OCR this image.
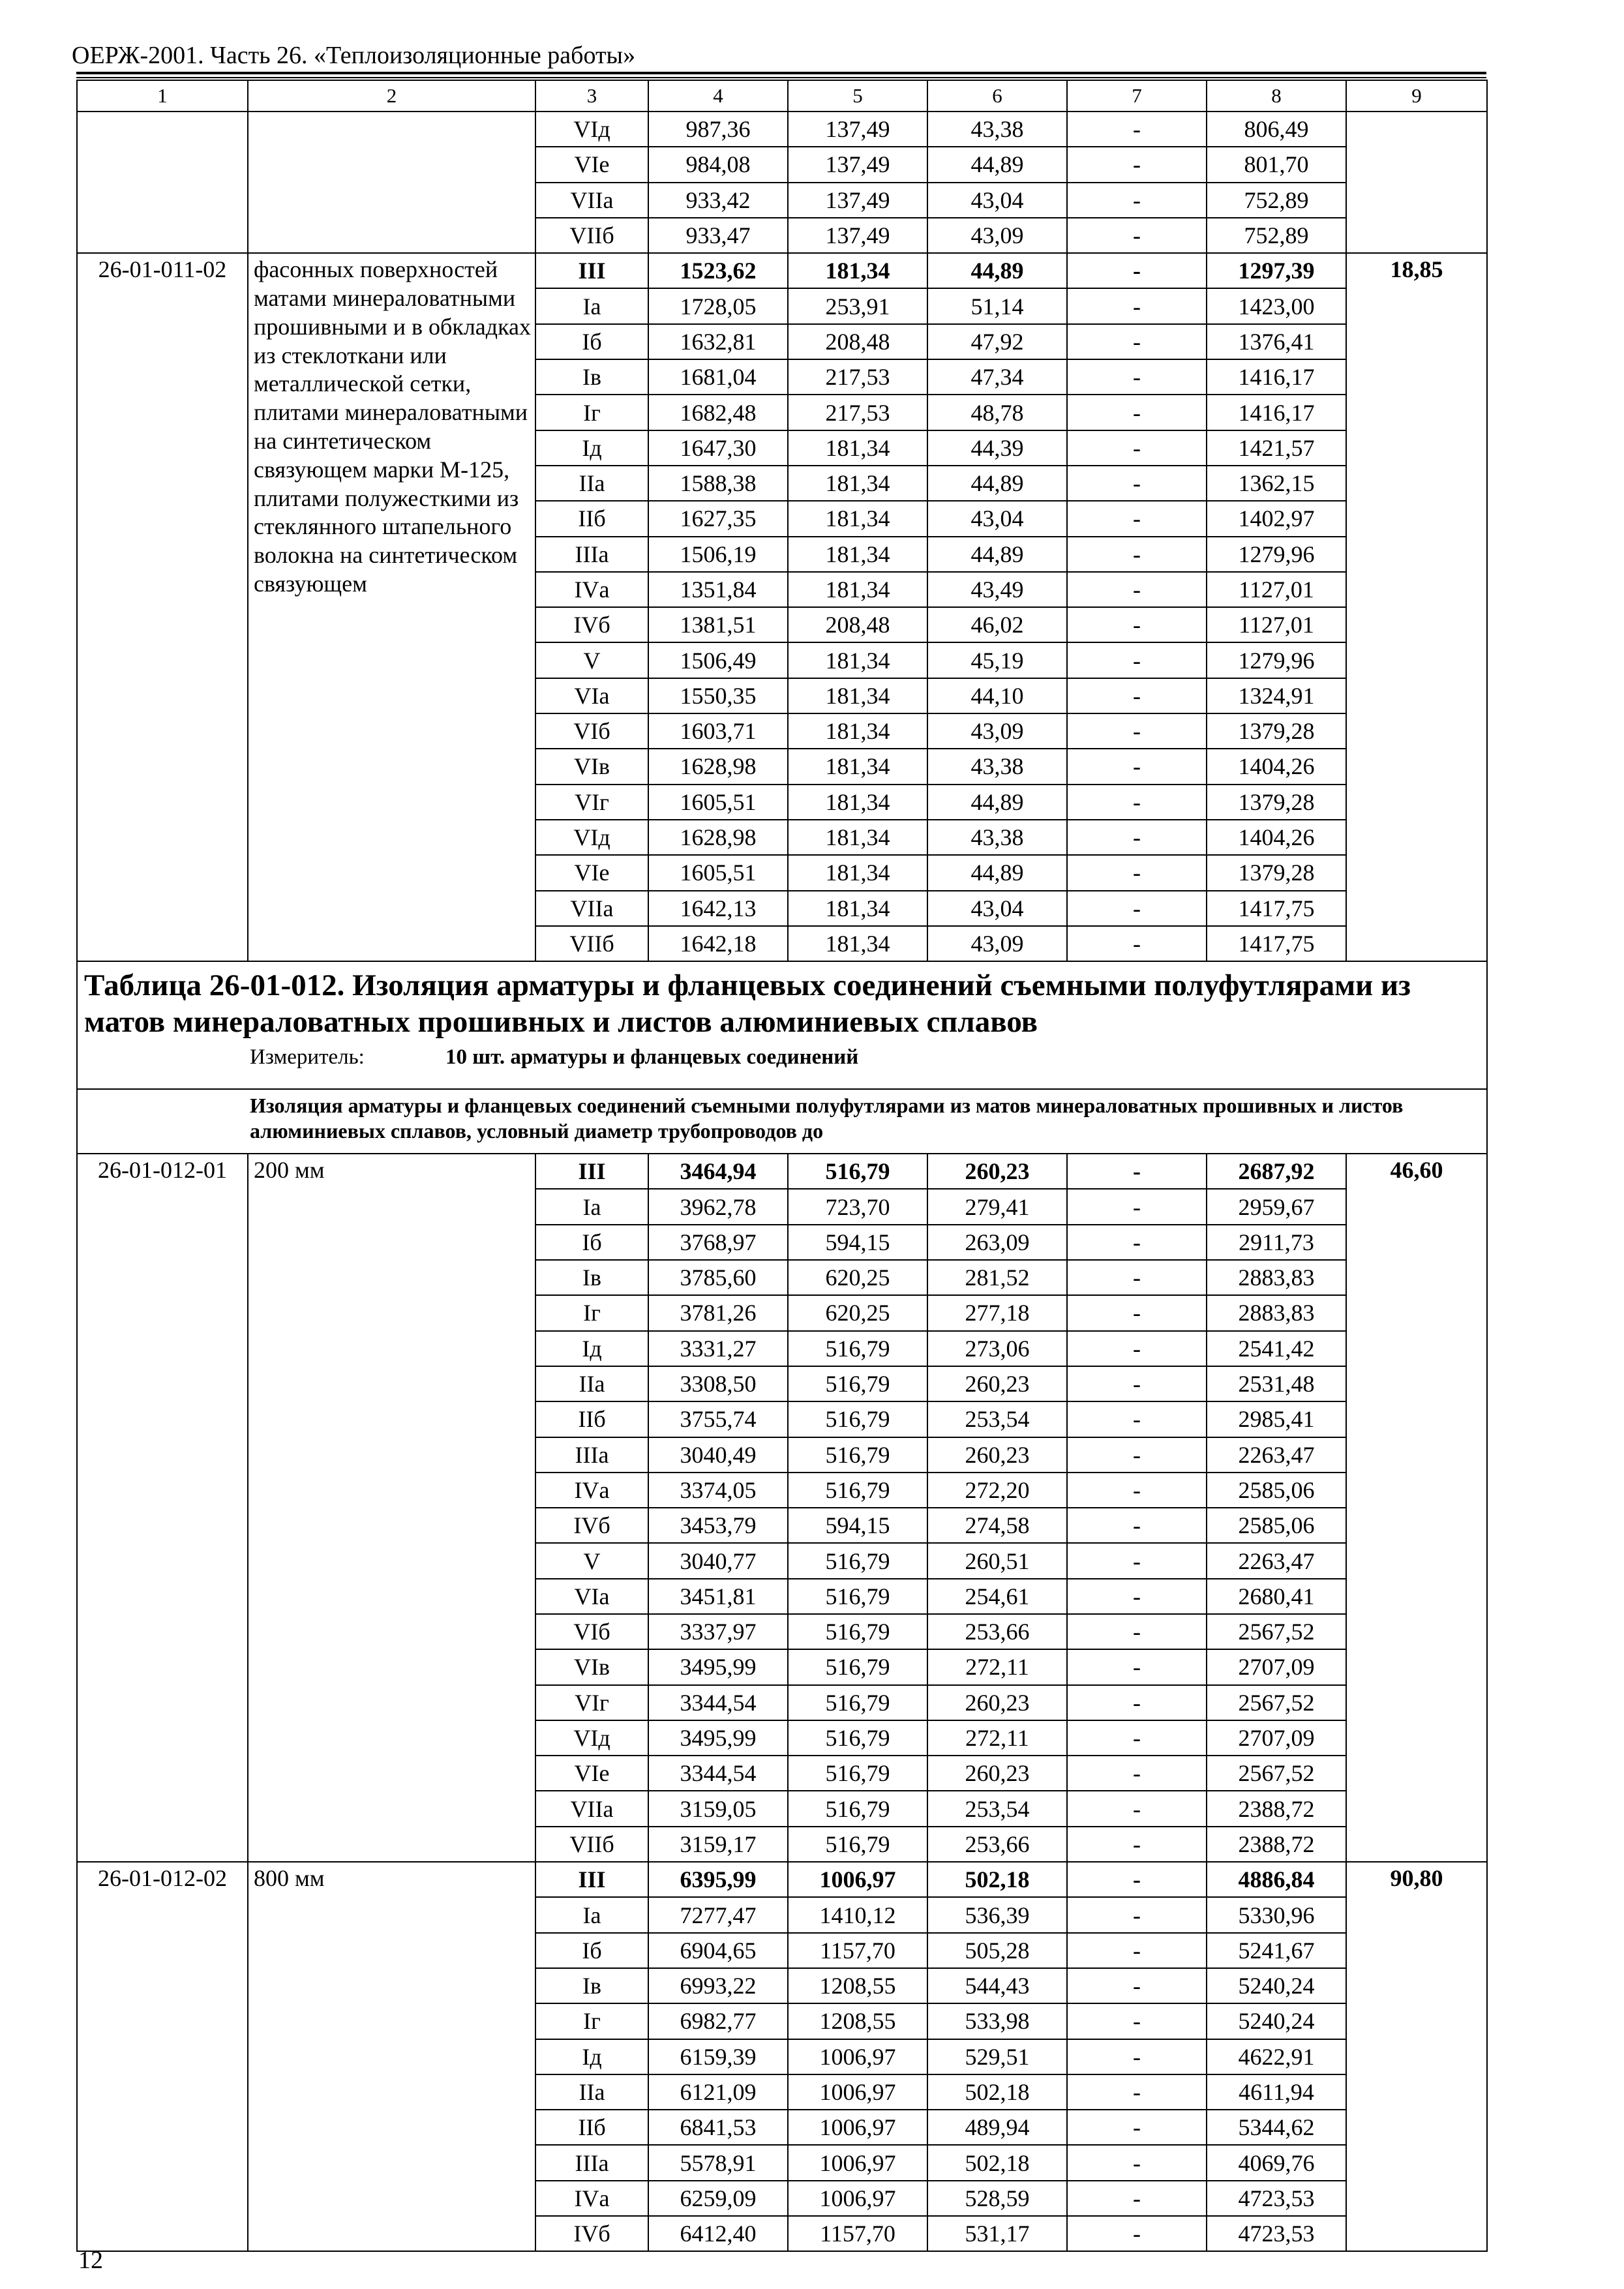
ОЕРЖ-2001. Часть 26. «Теплоизоляционные работы»
1	2	3	4	5	6	7	8	9
		VIд	987,36	137,49	43,38	-	806,49	
		VIе	984,08	137,49	44,89	-	801,70	
		VIIа	933,42	137,49	43,04	-	752,89	
		VIIб	933,47	137,49	43,09	-	752,89	
26-01-011-02	фасонных поверхностей матами минераловатными прошивными и в обкладках из стеклоткани или металлической сетки, плитами минераловатными на синтетическом связующем марки М-125, плитами полужесткими из стеклянного штапельного волокна на синтетическом связующем	III	1523,62	181,34	44,89	-	1297,39	18,85
		Iа	1728,05	253,91	51,14	-	1423,00	
		Iб	1632,81	208,48	47,92	-	1376,41	
		Iв	1681,04	217,53	47,34	-	1416,17	
		Iг	1682,48	217,53	48,78	-	1416,17	
		Iд	1647,30	181,34	44,39	-	1421,57	
		IIа	1588,38	181,34	44,89	-	1362,15	
		IIб	1627,35	181,34	43,04	-	1402,97	
		IIIа	1506,19	181,34	44,89	-	1279,96	
		IVа	1351,84	181,34	43,49	-	1127,01	
		IVб	1381,51	208,48	46,02	-	1127,01	
		V	1506,49	181,34	45,19	-	1279,96	
		VIа	1550,35	181,34	44,10	-	1324,91	
		VIб	1603,71	181,34	43,09	-	1379,28	
		VIв	1628,98	181,34	43,38	-	1404,26	
		VIг	1605,51	181,34	44,89	-	1379,28	
		VIд	1628,98	181,34	43,38	-	1404,26	
		VIе	1605,51	181,34	44,89	-	1379,28	
		VIIа	1642,13	181,34	43,04	-	1417,75	
		VIIб	1642,18	181,34	43,09	-	1417,75	

Таблица 26-01-012. Изоляция арматуры и фланцевых соединений съемными полуфутлярами из матов минераловатных прошивных и листов алюминиевых сплавов
Измеритель: 10 шт. арматуры и фланцевых соединений								

Изоляция арматуры и фланцевых соединений съемными полуфутлярами из матов минераловатных прошивных и листов алюминиевых сплавов, условный диаметр трубопроводов до								
26-01-012-01	200 мм	III	3464,94	516,79	260,23	-	2687,92	46,60
		Iа	3962,78	723,70	279,41	-	2959,67	
		Iб	3768,97	594,15	263,09	-	2911,73	
		Iв	3785,60	620,25	281,52	-	2883,83	
		Iг	3781,26	620,25	277,18	-	2883,83	
		Iд	3331,27	516,79	273,06	-	2541,42	
		IIа	3308,50	516,79	260,23	-	2531,48	
		IIб	3755,74	516,79	253,54	-	2985,41	
		IIIа	3040,49	516,79	260,23	-	2263,47	
		IVа	3374,05	516,79	272,20	-	2585,06	
		IVб	3453,79	594,15	274,58	-	2585,06	
		V	3040,77	516,79	260,51	-	2263,47	
		VIа	3451,81	516,79	254,61	-	2680,41	
		VIб	3337,97	516,79	253,66	-	2567,52	
		VIв	3495,99	516,79	272,11	-	2707,09	
		VIг	3344,54	516,79	260,23	-	2567,52	
		VIд	3495,99	516,79	272,11	-	2707,09	
		VIе	3344,54	516,79	260,23	-	2567,52	
		VIIа	3159,05	516,79	253,54	-	2388,72	
		VIIб	3159,17	516,79	253,66	-	2388,72	
26-01-012-02	800 мм	III	6395,99	1006,97	502,18	-	4886,84	90,80
		Iа	7277,47	1410,12	536,39	-	5330,96	
		Iб	6904,65	1157,70	505,28	-	5241,67	
		Iв	6993,22	1208,55	544,43	-	5240,24	
		Iг	6982,77	1208,55	533,98	-	5240,24	
		Iд	6159,39	1006,97	529,51	-	4622,91	
		IIа	6121,09	1006,97	502,18	-	4611,94	
		IIб	6841,53	1006,97	489,94	-	5344,62	
		IIIа	5578,91	1006,97	502,18	-	4069,76	
		IVа	6259,09	1006,97	528,59	-	4723,53	
		IVб	6412,40	1157,70	531,17	-	4723,53	
12
